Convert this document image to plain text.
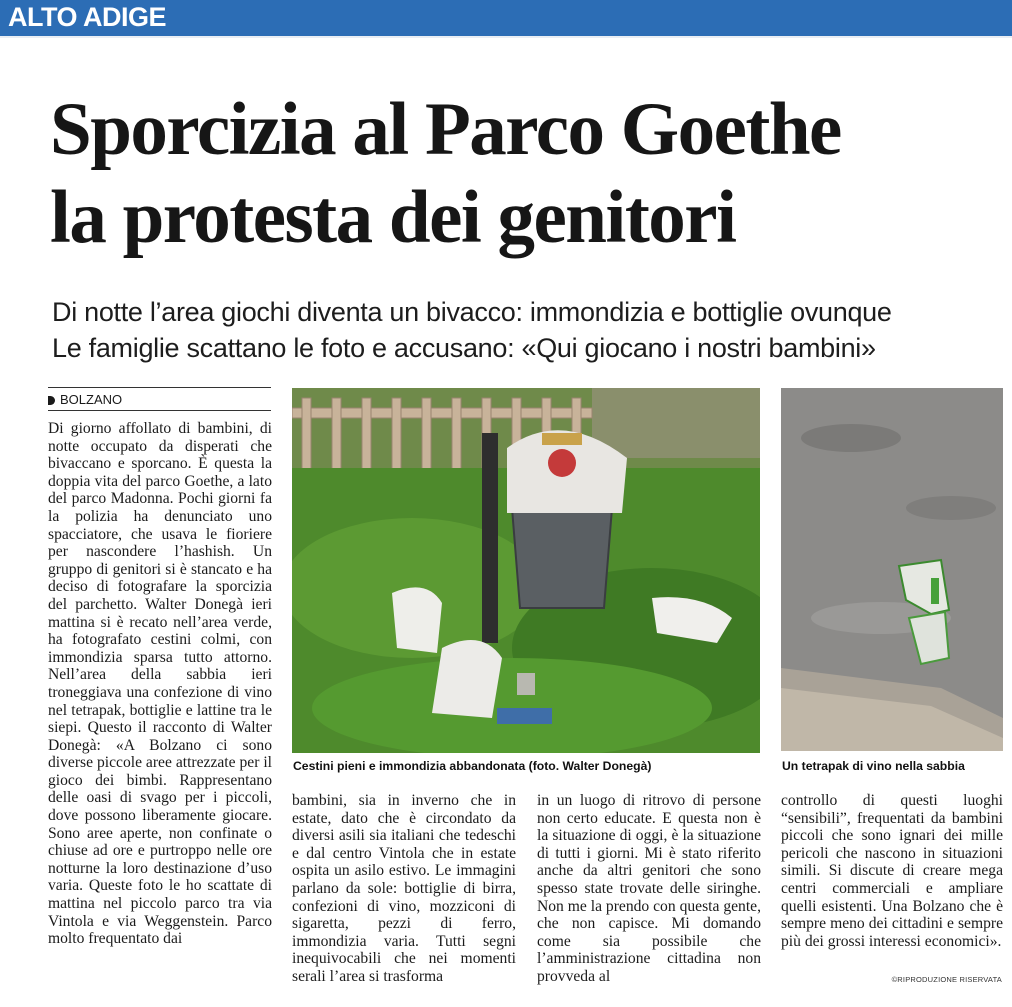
ALTO ADIGE
Sporcizia al Parco Goethe
la protesta dei genitori
Di notte l’area giochi diventa un bivacco: immondizia e bottiglie ovunque
Le famiglie scattano le foto e accusano: «Qui giocano i nostri bambini»
BOLZANO

Di giorno affollato di bambini, di notte occupato da disperati che bivaccano e sporcano. È questa la doppia vita del parco Goethe, a lato del parco Madonna. Pochi giorni fa la polizia ha denunciato uno spacciatore, che usava le fioriere per nascondere l’hashish. Un gruppo di genitori si è stancato e ha deciso di fotografare la sporcizia del parchetto. Walter Donegà ieri mattina si è recato nell’area verde, ha fotografato cestini colmi, con immondizia sparsa tutto attorno. Nell’area della sabbia ieri troneggiava una confezione di vino nel tetrapak, bottiglie e lattine tra le siepi. Questo il racconto di Walter Donegà: «A Bolzano ci sono diverse piccole aree attrezzate per il gioco dei bimbi. Rappresentano delle oasi di svago per i piccoli, dove possono liberamente giocare. Sono aree aperte, non confinate o chiuse ad ore e purtroppo nelle ore notturne la loro destinazione d’uso varia. Queste foto le ho scattate di mattina nel piccolo parco tra via Vintola e via Weggenstein. Parco molto frequentato dai

Cestini pieni e immondizia abbandonata (foto. Walter Donegà)	Un tetrapak di vino nella sabbia

bambini, sia in inverno che in estate, dato che è circondato da diversi asili sia italiani che tedeschi e dal centro Vintola che in estate ospita un asilo estivo. Le immagini parlano da sole: bottiglie di birra, confezioni di vino, mozziconi di sigaretta, pezzi di ferro, immondizia varia. Tutti segni inequivocabili che nei momenti serali l’area si trasforma

in un luogo di ritrovo di persone non certo educate. E questa non è la situazione di oggi, è la situazione di tutti i giorni. Mi è stato riferito anche da altri genitori che sono spesso state trovate delle siringhe. Non me la prendo con questa gente, che non capisce. Mi domando come sia possibile che l’amministrazione cittadina non provveda al

controllo di questi luoghi “sensibili”, frequentati da bambini piccoli che sono ignari dei mille pericoli che nascono in situazioni simili. Si discute di creare mega centri commerciali e ampliare quelli esistenti. Una Bolzano che è sempre meno dei cittadini e sempre più dei grossi interessi economici».

©RIPRODUZIONE RISERVATA
